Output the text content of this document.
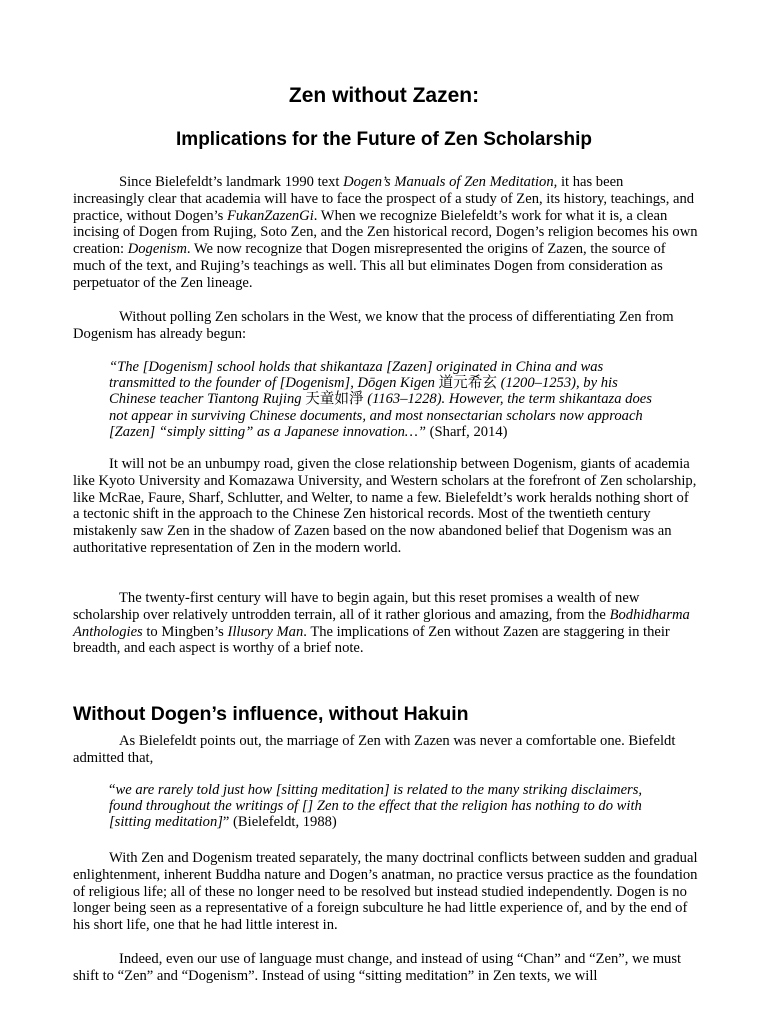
Zen without Zazen:
Implications for the Future of Zen Scholarship

Since Bielefeldt’s landmark 1990 text Dogen’s Manuals of Zen Meditation, it has been increasingly clear that academia will have to face the prospect of a study of Zen, its history, teachings, and practice, without Dogen’s FukanZazenGi. When we recognize Bielefeldt’s work for what it is, a clean incising of Dogen from Rujing, Soto Zen, and the Zen historical record, Dogen’s religion becomes his own creation: Dogenism. We now recognize that Dogen misrepresented the origins of Zazen, the source of much of the text, and Rujing’s teachings as well. This all but eliminates Dogen from consideration as perpetuator of the Zen lineage.

Without polling Zen scholars in the West, we know that the process of differentiating Zen from Dogenism has already begun:

“The [Dogenism] school holds that shikantaza [Zazen] originated in China and was transmitted to the founder of [Dogenism], Dōgen Kigen 道元希玄 (1200–1253), by his Chinese teacher Tiantong Rujing 天童如淨 (1163–1228). However, the term shikantaza does not appear in surviving Chinese documents, and most nonsectarian scholars now approach [Zazen] “simply sitting” as a Japanese innovation…” (Sharf, 2014)

It will not be an unbumpy road, given the close relationship between Dogenism, giants of academia like Kyoto University and Komazawa University, and Western scholars at the forefront of Zen scholarship, like McRae, Faure, Sharf, Schlutter, and Welter, to name a few. Bielefeldt’s work heralds nothing short of a tectonic shift in the approach to the Chinese Zen historical records. Most of the twentieth century mistakenly saw Zen in the shadow of Zazen based on the now abandoned belief that Dogenism was an authoritative representation of Zen in the modern world.

The twenty-first century will have to begin again, but this reset promises a wealth of new scholarship over relatively untrodden terrain, all of it rather glorious and amazing, from the Bodhidharma Anthologies to Mingben’s Illusory Man. The implications of Zen without Zazen are staggering in their breadth, and each aspect is worthy of a brief note.

Without Dogen’s influence, without Hakuin

As Bielefeldt points out, the marriage of Zen with Zazen was never a comfortable one. Biefeldt admitted that,

“we are rarely told just how [sitting meditation] is related to the many striking disclaimers, found throughout the writings of [] Zen to the effect that the religion has nothing to do with [sitting meditation]” (Bielefeldt, 1988)

With Zen and Dogenism treated separately, the many doctrinal conflicts between sudden and gradual enlightenment, inherent Buddha nature and Dogen’s anatman, no practice versus practice as the foundation of religious life; all of these no longer need to be resolved but instead studied independently. Dogen is no longer being seen as a representative of a foreign subculture he had little experience of, and by the end of his short life, one that he had little interest in.

Indeed, even our use of language must change, and instead of using “Chan” and “Zen”, we must shift to “Zen” and “Dogenism”. Instead of using “sitting meditation” in Zen texts, we will
